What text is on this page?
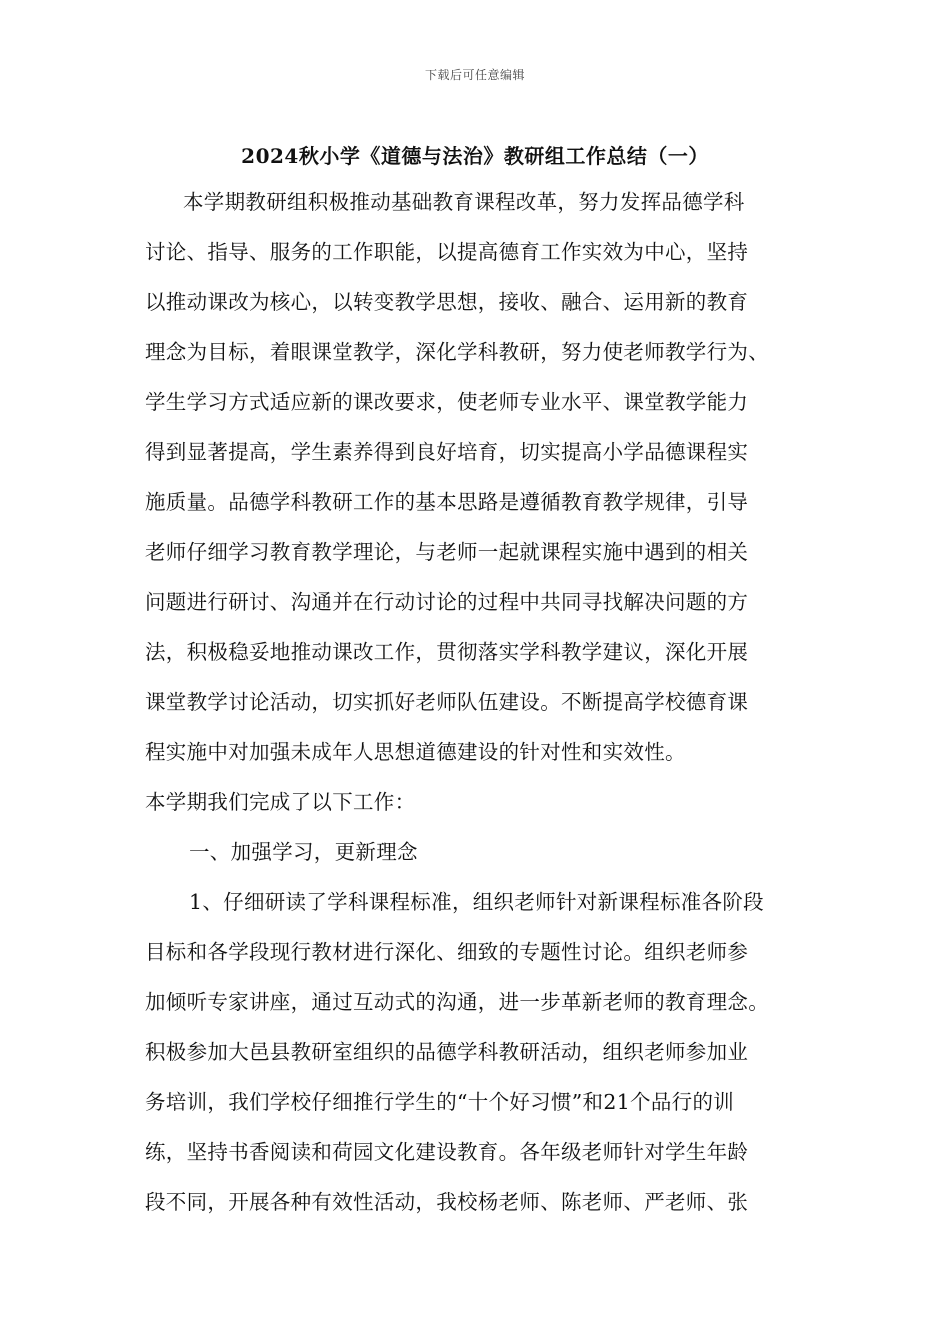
下载后可任意编辑
2024秋小学《道德与法治》教研组工作总结（一）
本学期教研组积极推动基础教育课程改革，努力发挥品德学科
讨论、指导、服务的工作职能，以提高德育工作实效为中心，坚持
以推动课改为核心，以转变教学思想，接收、融合、运用新的教育
理念为目标，着眼课堂教学，深化学科教研，努力使老师教学行为、
学生学习方式适应新的课改要求，使老师专业水平、课堂教学能力
得到显著提高，学生素养得到良好培育，切实提高小学品德课程实
施质量。品德学科教研工作的基本思路是遵循教育教学规律，引导
老师仔细学习教育教学理论，与老师一起就课程实施中遇到的相关
问题进行研讨、沟通并在行动讨论的过程中共同寻找解决问题的方
法，积极稳妥地推动课改工作，贯彻落实学科教学建议，深化开展
课堂教学讨论活动，切实抓好老师队伍建设。不断提高学校德育课
程实施中对加强未成年人思想道德建设的针对性和实效性。
本学期我们完成了以下工作：
一、加强学习，更新理念
1、仔细研读了学科课程标准，组织老师针对新课程标准各阶段
目标和各学段现行教材进行深化、细致的专题性讨论。组织老师参
加倾听专家讲座，通过互动式的沟通，进一步革新老师的教育理念。
积极参加大邑县教研室组织的品德学科教研活动，组织老师参加业
务培训，我们学校仔细推行学生的“十个好习惯”和21个品行的训
练，坚持书香阅读和荷园文化建设教育。各年级老师针对学生年龄
段不同，开展各种有效性活动，我校杨老师、陈老师、严老师、张
